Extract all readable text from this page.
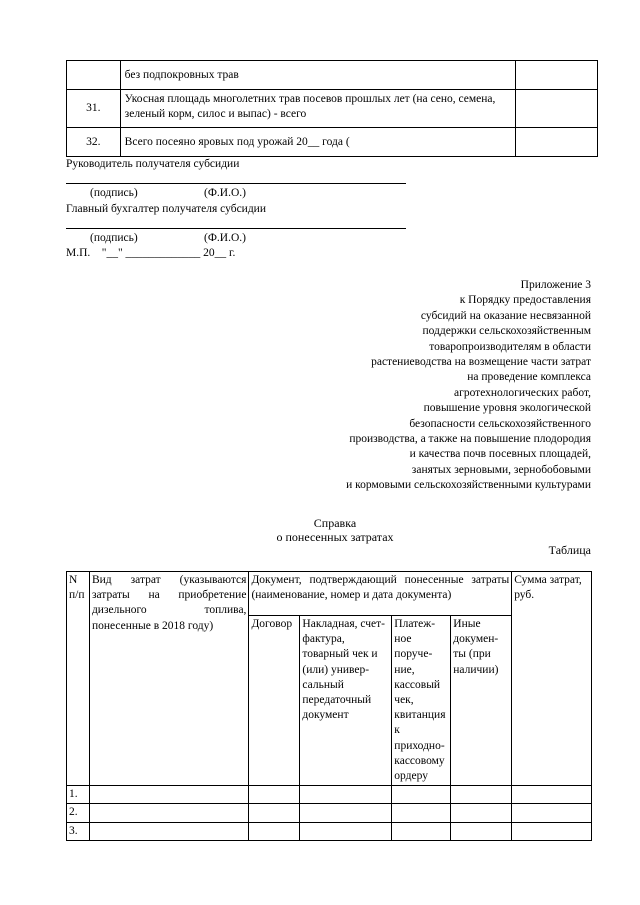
	без подпокровных трав	
31.	Укосная площадь многолетних трав посевов прошлых лет (на сено, семена, зеленый корм, силос и выпас) - всего	
32.	Всего посеяно яровых под урожай 20__ года (	
Руководитель получателя субсидии
(подпись)	(Ф.И.О.)
Главный бухгалтер получателя субсидии
(подпись)	(Ф.И.О.)
М.П.    "__" _____________ 20__ г.
Приложение 3
к Порядку предоставления
субсидий на оказание несвязанной
поддержки сельскохозяйственным
товаропроизводителям в области
растениеводства на возмещение части затрат
на проведение комплекса
агротехнологических работ,
повышение уровня экологической
безопасности сельскохозяйственного
производства, а также на повышение плодородия
и качества почв посевных площадей,
занятых зерновыми, зернобобовыми
и кормовыми сельскохозяйственными культурами
Справка
о понесенных затратах
Таблица
N п/п	Вид затрат (указываются затраты на приобретение дизельного топлива, понесенные в 2018 году)	Документ, подтверждающий понесенные затраты (наименование, номер и дата документа)				Сумма затрат, руб.
		Договор	Накладная, счет-фактура, товарный чек и (или) универ-сальный передаточный документ	Платеж-ное поруче-ние, кассовый чек, квитанция к приходно-кассовому ордеру	Иные докумен-ты (при наличии)	
1.						
2.						
3.						
